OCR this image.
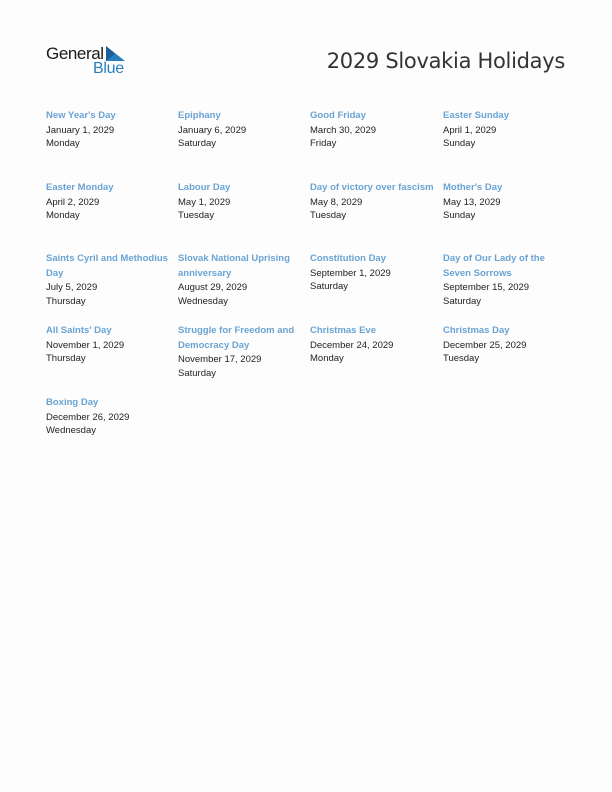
General
Blue	2029 Slovakia Holidays
New Year's Day
January 1, 2029
Monday
Epiphany
January 6, 2029
Saturday
Good Friday
March 30, 2029
Friday
Easter Sunday
April 1, 2029
Sunday
Easter Monday
April 2, 2029
Monday
Labour Day
May 1, 2029
Tuesday
Day of victory over fascism
May 8, 2029
Tuesday
Mother's Day
May 13, 2029
Sunday
Saints Cyril and Methodius Day
July 5, 2029
Thursday
Slovak National Uprising anniversary
August 29, 2029
Wednesday
Constitution Day
September 1, 2029
Saturday
Day of Our Lady of the Seven Sorrows
September 15, 2029
Saturday
All Saints' Day
November 1, 2029
Thursday
Struggle for Freedom and Democracy Day
November 17, 2029
Saturday
Christmas Eve
December 24, 2029
Monday
Christmas Day
December 25, 2029
Tuesday
Boxing Day
December 26, 2029
Wednesday
